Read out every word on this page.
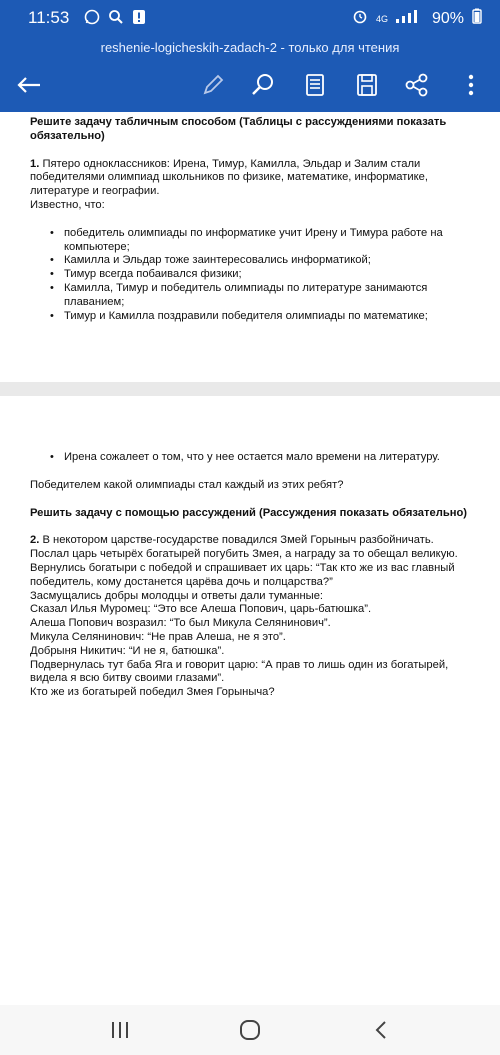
11:53	4G	90%
reshenie-logicheskih-zadach-2 - только для чтения

Решите задачу табличным способом (Таблицы с рассуждениями показать обязательно)

1. Пятеро одноклассников: Ирена, Тимур, Камилла, Эльдар и Залим стали победителями олимпиад школьников по физике, математике, информатике, литературе и географии.

Известно, что:

• победитель олимпиады по информатике учит Ирену и Тимура работе на компьютере;
• Камилла и Эльдар тоже заинтересовались информатикой;
• Тимур всегда побаивался физики;
• Камилла, Тимур и победитель олимпиады по литературе занимаются плаванием;
• Тимур и Камилла поздравили победителя олимпиады по математике;
• Ирена сожалеет о том, что у нее остается мало времени на литературу.

Победителем какой олимпиады стал каждый из этих ребят?

Решить задачу с помощью рассуждений (Рассуждения показать обязательно)

2. В некотором царстве-государстве повадился Змей Горыныч разбойничать.

Послал царь четырёх богатырей погубить Змея, а награду за то обещал великую.

Вернулись богатыри с победой и спрашивает их царь: “Так кто же из вас главный победитель, кому достанется царёва дочь и полцарства?”

Засмущались добры молодцы и ответы дали туманные:

Сказал Илья Муромец: “Это все Алеша Попович, царь-батюшка”.

Алеша Попович возразил: “То был Микула Селянинович”.

Микула Селянинович: “Не прав Алеша, не я это”.

Добрыня Никитич: “И не я, батюшка”.

Подвернулась тут баба Яга и говорит царю: “А прав то лишь один из богатырей, видела я всю битву своими глазами”.

Кто же из богатырей победил Змея Горыныча?
